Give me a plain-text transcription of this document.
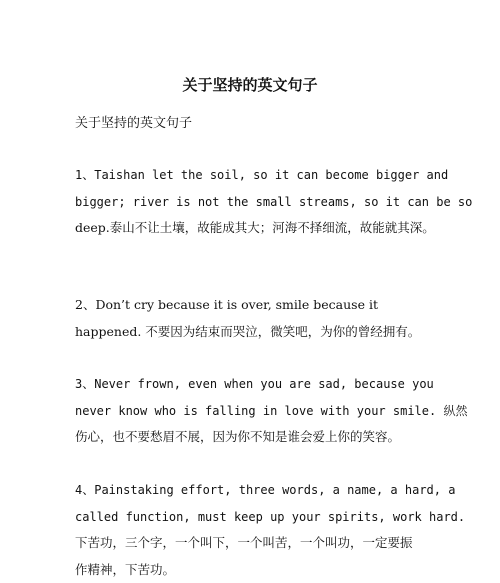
关于坚持的英文句子
关于坚持的英文句子
1、Taishan let the soil, so it can become bigger and
bigger; river is not the small streams, so it can be so
deep.泰山不让土壤，故能成其大；河海不择细流，故能就其深。
2、Don’t cry because it is over, smile because it
happened. 不要因为结束而哭泣，微笑吧，为你的曾经拥有。
3、Never frown, even when you are sad, because you
never know who is falling in love with your smile. 纵然
伤心，也不要愁眉不展，因为你不知是谁会爱上你的笑容。
4、Painstaking effort, three words, a name, a hard, a
called function, must keep up your spirits, work hard.
下苦功，三个字，一个叫下，一个叫苦，一个叫功，一定要振
作精神，下苦功。
